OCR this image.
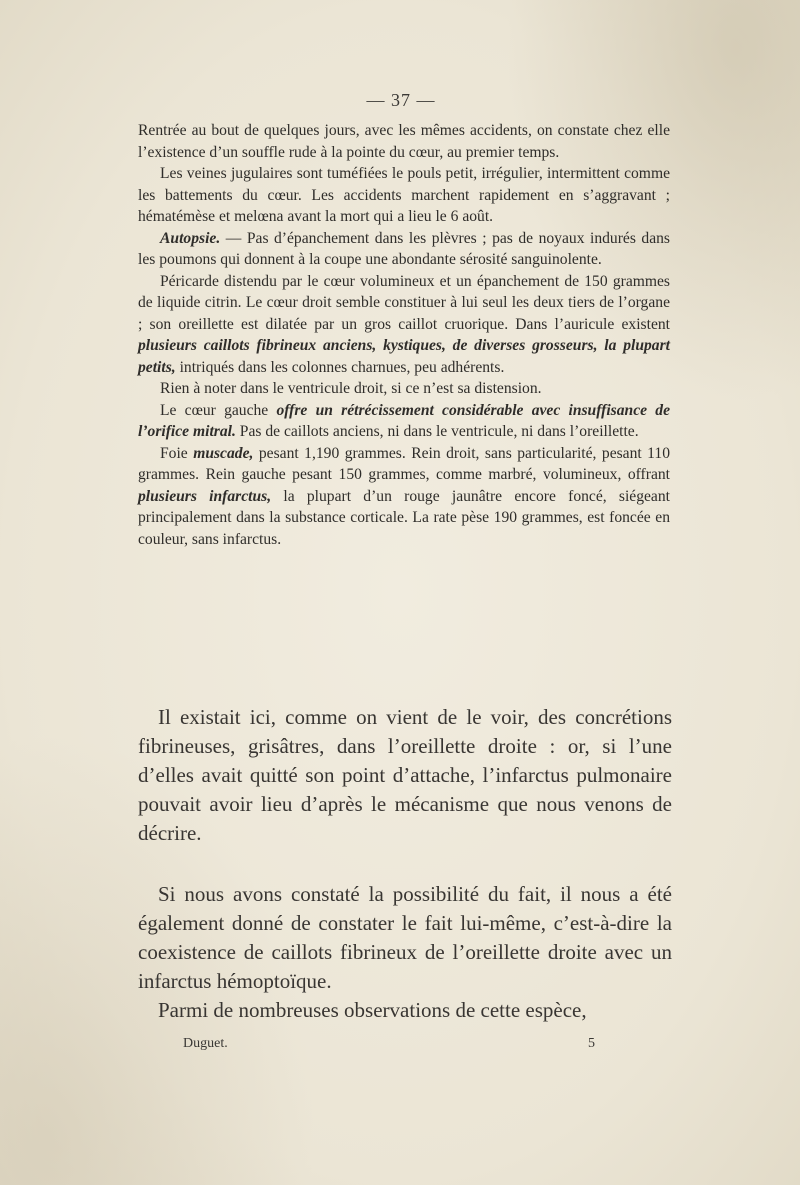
— 37 —

Rentrée au bout de quelques jours, avec les mêmes accidents, on constate chez elle l’existence d’un souffle rude à la pointe du cœur, au premier temps.

Les veines jugulaires sont tuméfiées le pouls petit, irrégulier, intermittent comme les battements du cœur. Les accidents marchent rapidement en s’aggravant ; hématémèse et melœna avant la mort qui a lieu le 6 août.

Autopsie. — Pas d’épanchement dans les plèvres ; pas de noyaux indurés dans les poumons qui donnent à la coupe une abondante sérosité sanguinolente.

Péricarde distendu par le cœur volumineux et un épanchement de 150 grammes de liquide citrin. Le cœur droit semble constituer à lui seul les deux tiers de l’organe ; son oreillette est dilatée par un gros caillot cruorique. Dans l’auricule existent plusieurs caillots fibrineux anciens, kystiques, de diverses grosseurs, la plupart petits, intriqués dans les colonnes charnues, peu adhérents.

Rien à noter dans le ventricule droit, si ce n’est sa distension.

Le cœur gauche offre un rétrécissement considérable avec insuffisance de l’orifice mitral. Pas de caillots anciens, ni dans le ventricule, ni dans l’oreillette.

Foie muscade, pesant 1,190 grammes. Rein droit, sans particularité, pesant 110 grammes. Rein gauche pesant 150 grammes, comme marbré, volumineux, offrant plusieurs infarctus, la plupart d’un rouge jaunâtre encore foncé, siégeant principalement dans la substance corticale. La rate pèse 190 grammes, est foncée en couleur, sans infarctus.

Il existait ici, comme on vient de le voir, des concrétions fibrineuses, grisâtres, dans l’oreillette droite : or, si l’une d’elles avait quitté son point d’attache, l’infarctus pulmonaire pouvait avoir lieu d’après le mécanisme que nous venons de décrire.

Si nous avons constaté la possibilité du fait, il nous a été également donné de constater le fait lui-même, c’est-à-dire la coexistence de caillots fibrineux de l’oreillette droite avec un infarctus hémoptoïque.

Parmi de nombreuses observations de cette espèce,

Duguet.	5
